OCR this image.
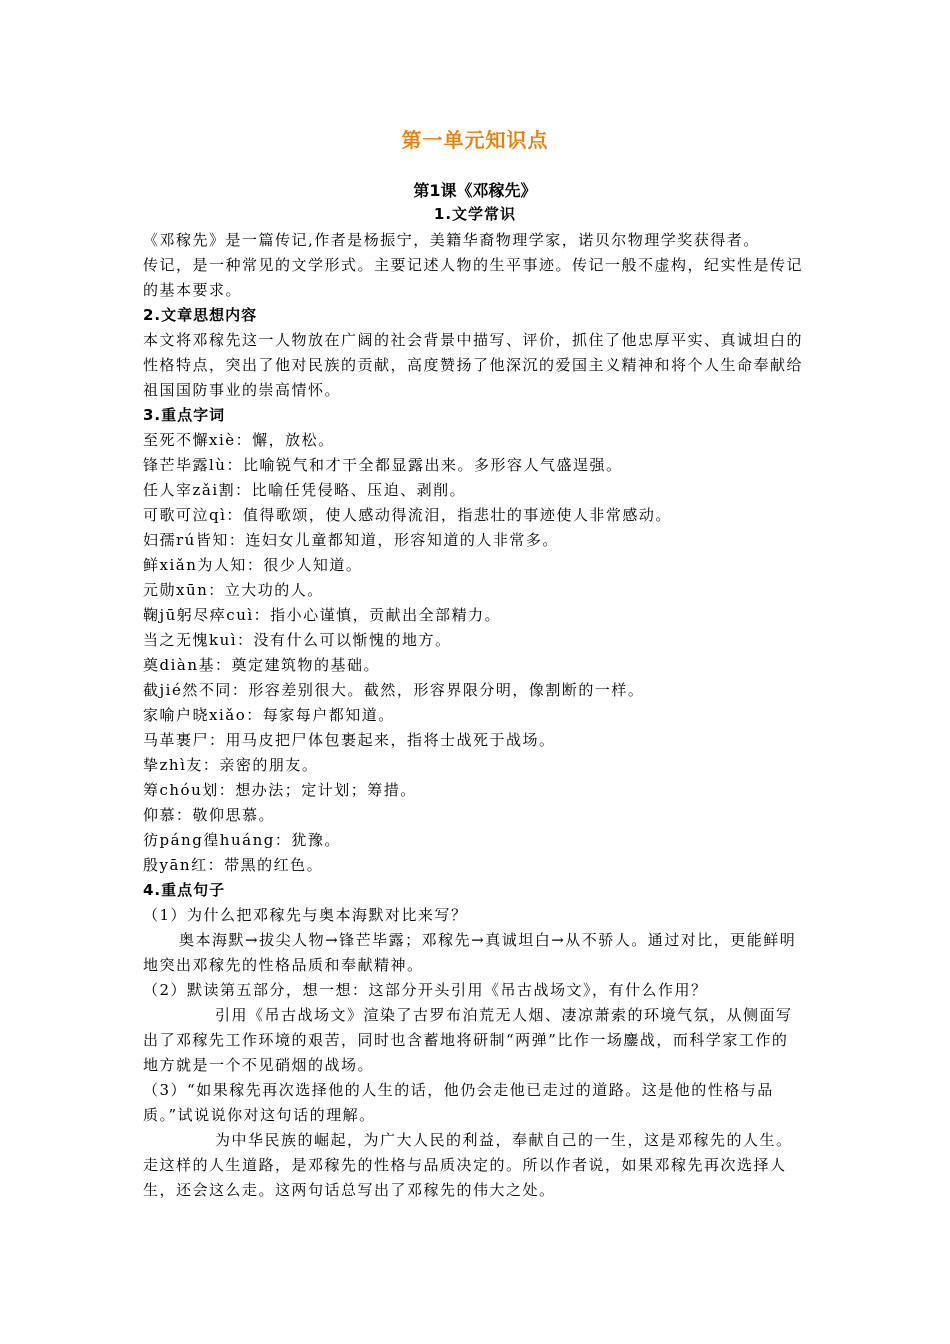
第一单元知识点
第1课《邓稼先》
1.文学常识

《邓稼先》是一篇传记,作者是杨振宁，美籍华裔物理学家，诺贝尔物理学奖获得者。

传记，是一种常见的文学形式。主要记述人物的生平事迹。传记一般不虚构，纪实性是传记的基本要求。

2.文章思想内容

本文将邓稼先这一人物放在广阔的社会背景中描写、评价，抓住了他忠厚平实、真诚坦白的性格特点，突出了他对民族的贡献，高度赞扬了他深沉的爱国主义精神和将个人生命奉献给祖国国防事业的崇高情怀。

3.重点字词

至死不懈xiè：懈，放松。

锋芒毕露lù：比喻锐气和才干全都显露出来。多形容人气盛逞强。

任人宰zǎi割：比喻任凭侵略、压迫、剥削。

可歌可泣qì：值得歌颂，使人感动得流泪，指悲壮的事迹使人非常感动。

妇孺rú皆知：连妇女儿童都知道，形容知道的人非常多。

鲜xiǎn为人知：很少人知道。

元勋xūn：立大功的人。

鞠jū躬尽瘁cuì：指小心谨慎，贡献出全部精力。

当之无愧kuì：没有什么可以惭愧的地方。

奠diàn基：奠定建筑物的基础。

截jié然不同：形容差别很大。截然，形容界限分明，像割断的一样。

家喻户晓xiǎo：每家每户都知道。

马革裹尸：用马皮把尸体包裹起来，指将士战死于战场。

挚zhì友：亲密的朋友。

筹chóu划：想办法；定计划；筹措。

仰慕：敬仰思慕。

彷páng徨huáng：犹豫。

殷yān红：带黑的红色。

4.重点句子

（1）为什么把邓稼先与奥本海默对比来写？

奥本海默→拔尖人物→锋芒毕露；邓稼先→真诚坦白→从不骄人。通过对比，更能鲜明地突出邓稼先的性格品质和奉献精神。

（2）默读第五部分，想一想：这部分开头引用《吊古战场文》，有什么作用？

引用《吊古战场文》渲染了古罗布泊荒无人烟、凄凉萧索的环境气氛，从侧面写出了邓稼先工作环境的艰苦，同时也含蓄地将研制“两弹”比作一场鏖战，而科学家工作的地方就是一个不见硝烟的战场。

（3）“如果稼先再次选择他的人生的话，他仍会走他已走过的道路。这是他的性格与品质。”试说说你对这句话的理解。

为中华民族的崛起，为广大人民的利益，奉献自己的一生，这是邓稼先的人生。走这样的人生道路，是邓稼先的性格与品质决定的。所以作者说，如果邓稼先再次选择人生，还会这么走。这两句话总写出了邓稼先的伟大之处。
